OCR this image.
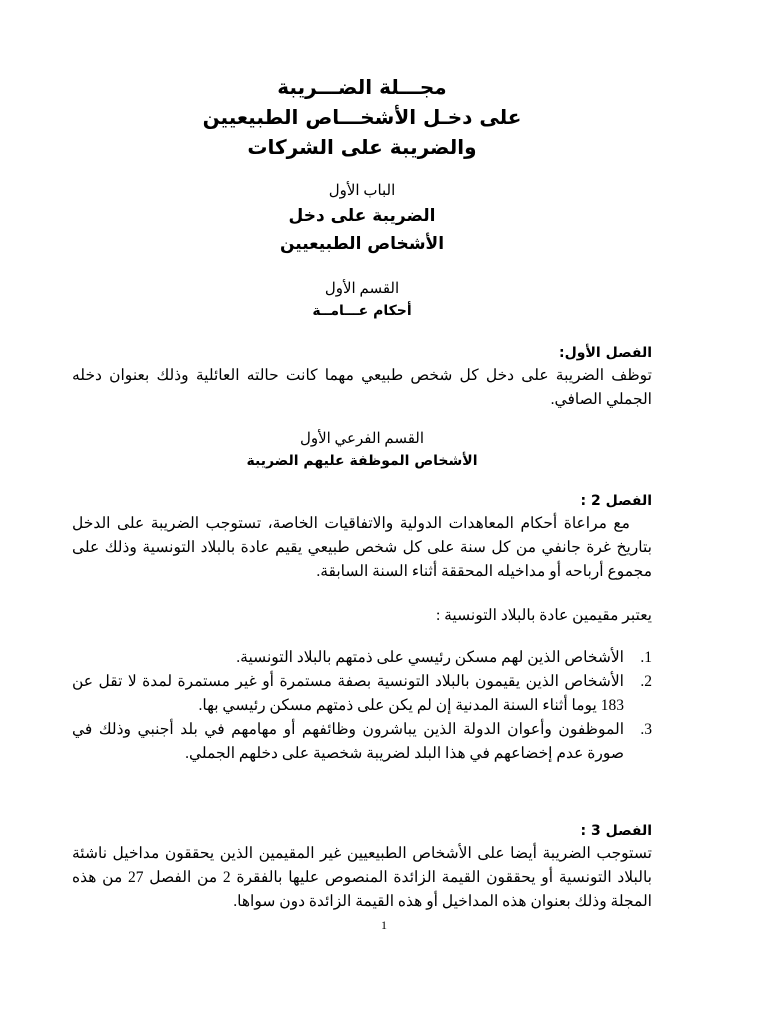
مجـــلة الضـــريبة
على دخـل الأشخـــاص الطبيعيين
والضريبة على الشركات
الباب الأول
الضريبة على دخل
الأشخاص الطبيعيين
القسم الأول
أحكام عـــامــة
الفصل الأول:
توظف الضريبة على دخل كل شخص طبيعي مهما كانت حالته العائلية وذلك بعنوان دخله الجملي الصافي.
القسم الفرعي الأول
الأشخاص الموظفة عليهم الضريبة
الفصل 2 :
مع مراعاة أحكام المعاهدات الدولية والاتفاقيات الخاصة، تستوجب الضريبة على الدخل بتاريخ غرة جانفي من كل سنة على كل شخص طبيعي يقيم عادة بالبلاد التونسية وذلك على مجموع أرباحه أو مداخيله المحققة أثناء السنة السابقة.
يعتبر مقيمين عادة بالبلاد التونسية :
1.
الأشخاص الذين لهم مسكن رئيسي على ذمتهم بالبلاد التونسية.
2.
الأشخاص الذين يقيمون بالبلاد التونسية بصفة مستمرة أو غير مستمرة لمدة لا تقل عن 183 يوما أثناء السنة المدنية إن لم يكن على ذمتهم مسكن رئيسي بها.
3.
الموظفون وأعوان الدولة الذين يباشرون وظائفهم أو مهامهم في بلد أجنبي وذلك في صورة عدم إخضاعهم في هذا البلد لضريبة شخصية على دخلهم الجملي.
الفصل 3 :
تستوجب الضريبة أيضا على الأشخاص الطبيعيين غير المقيمين الذين يحققون مداخيل ناشئة بالبلاد التونسية أو يحققون القيمة الزائدة المنصوص عليها بالفقرة 2 من الفصل 27 من هذه المجلة وذلك بعنوان هذه المداخيل أو هذه القيمة الزائدة دون سواها.
1
